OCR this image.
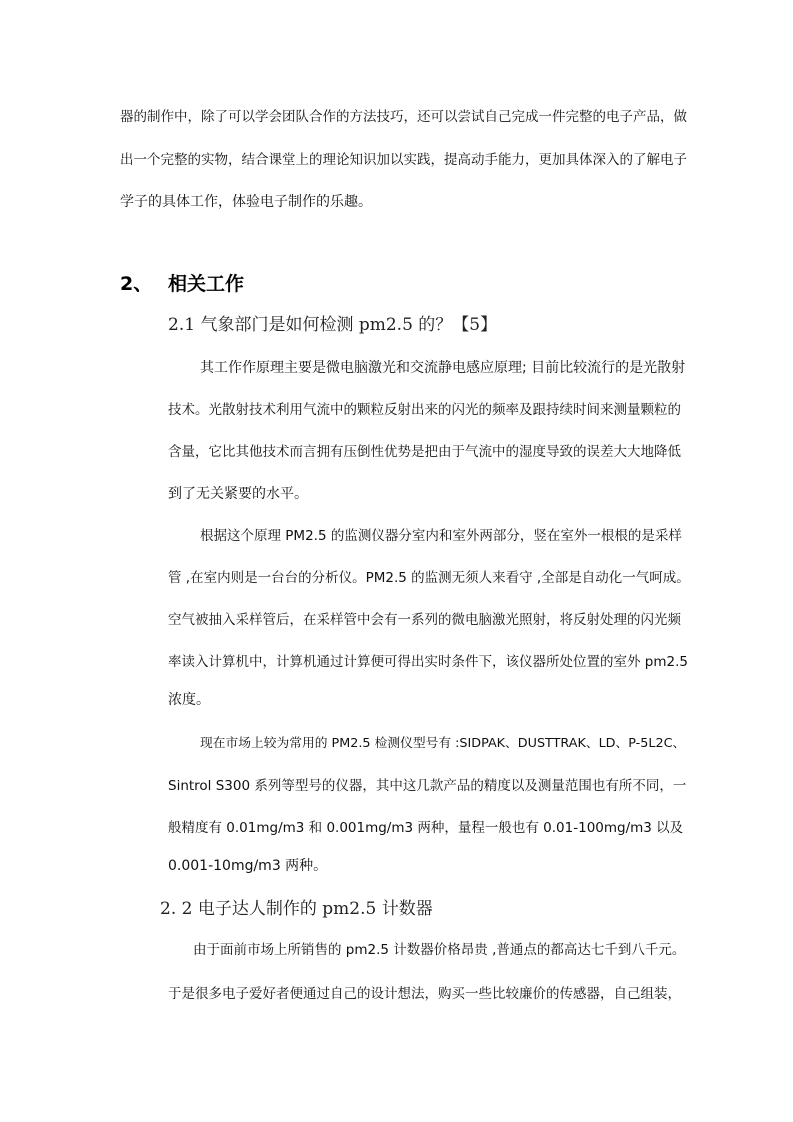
器的制作中，除了可以学会团队合作的方法技巧，还可以尝试自己完成一件完整的电子产品，做
出一个完整的实物，结合课堂上的理论知识加以实践，提高动手能力，更加具体深入的了解电子
学子的具体工作，体验电子制作的乐趣。
2、 相关工作
2.1 气象部门是如何检测 pm2.5 的？【5】
其工作作原理主要是微电脑激光和交流静电感应原理; 目前比较流行的是光散射
技术。光散射技术利用气流中的颗粒反射出来的闪光的频率及跟持续时间来测量颗粒的
含量，它比其他技术而言拥有压倒性优势是把由于气流中的湿度导致的误差大大地降低
到了无关紧要的水平。
根据这个原理 PM2.5 的监测仪器分室内和室外两部分，竖在室外一根根的是采样
管 ,在室内则是一台台的分析仪。PM2.5 的监测无须人来看守 ,全部是自动化一气呵成。
空气被抽入采样管后，在采样管中会有一系列的微电脑激光照射，将反射处理的闪光频
率读入计算机中，计算机通过计算便可得出实时条件下，该仪器所处位置的室外 pm2.5
浓度。
现在市场上较为常用的 PM2.5 检测仪型号有 :SIDPAK、DUSTTRAK、LD、P-5L2C、
Sintrol S300 系列等型号的仪器，其中这几款产品的精度以及测量范围也有所不同，一
般精度有 0.01mg/m3 和 0.001mg/m3 两种，量程一般也有 0.01-100mg/m3 以及
0.001-10mg/m3 两种。
2. 2 电子达人制作的 pm2.5 计数器
由于面前市场上所销售的 pm2.5 计数器价格昂贵 ,普通点的都高达七千到八千元。
于是很多电子爱好者便通过自己的设计想法，购买一些比较廉价的传感器，自己组装，
